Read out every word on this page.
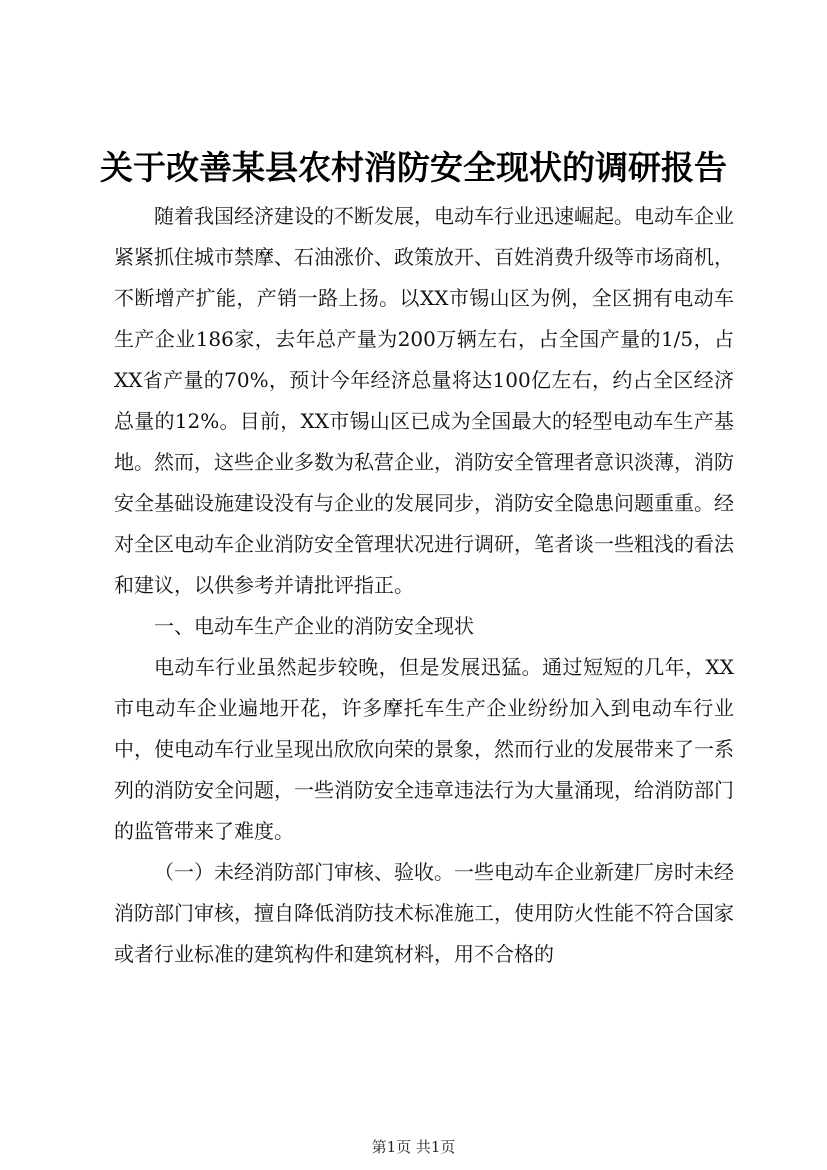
关于改善某县农村消防安全现状的调研报告

随着我国经济建设的不断发展，电动车行业迅速崛起。电动车企业紧紧抓住城市禁摩、石油涨价、政策放开、百姓消费升级等市场商机，不断增产扩能，产销一路上扬。以XX市锡山区为例，全区拥有电动车生产企业186家，去年总产量为200万辆左右，占全国产量的1/5，占XX省产量的70%，预计今年经济总量将达100亿左右，约占全区经济总量的12%。目前，XX市锡山区已成为全国最大的轻型电动车生产基地。然而，这些企业多数为私营企业，消防安全管理者意识淡薄，消防安全基础设施建设没有与企业的发展同步，消防安全隐患问题重重。经对全区电动车企业消防安全管理状况进行调研，笔者谈一些粗浅的看法和建议，以供参考并请批评指正。

一、电动车生产企业的消防安全现状

电动车行业虽然起步较晚，但是发展迅猛。通过短短的几年，XX市电动车企业遍地开花，许多摩托车生产企业纷纷加入到电动车行业中，使电动车行业呈现出欣欣向荣的景象，然而行业的发展带来了一系列的消防安全问题，一些消防安全违章违法行为大量涌现，给消防部门的监管带来了难度。

（一）未经消防部门审核、验收。一些电动车企业新建厂房时未经消防部门审核，擅自降低消防技术标准施工，使用防火性能不符合国家或者行业标准的建筑构件和建筑材料，用不合格的

第1页 共1页
